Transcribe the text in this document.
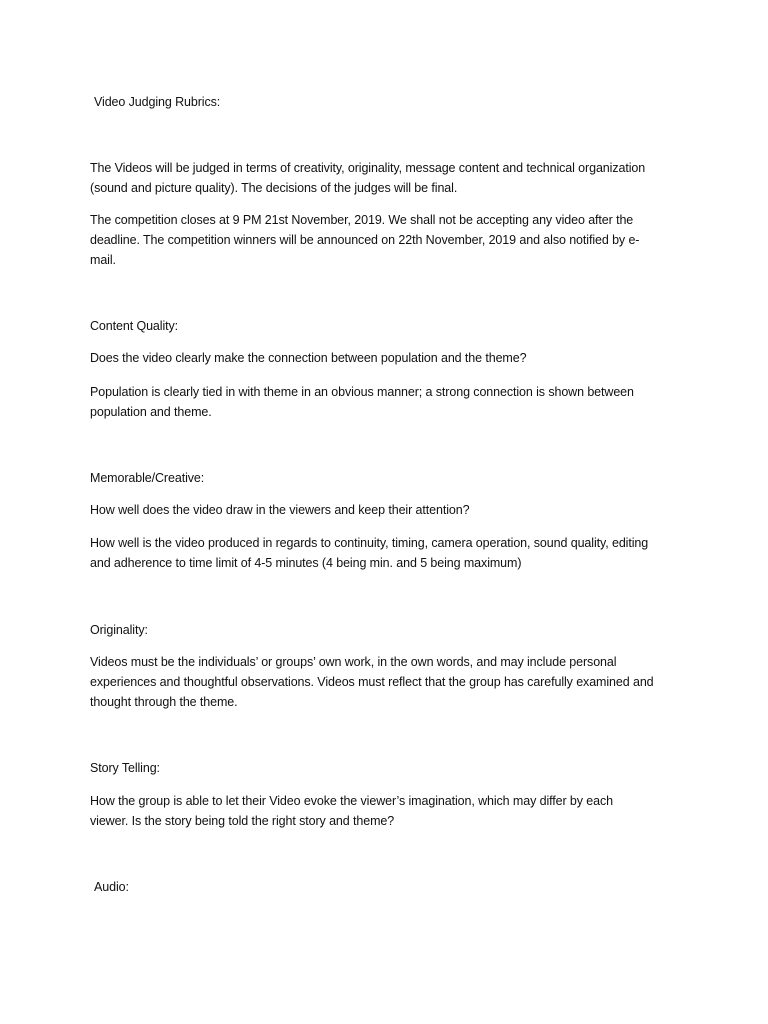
Video Judging Rubrics:
The Videos will be judged in terms of creativity, originality, message content and technical organization
(sound and picture quality). The decisions of the judges will be final.
The competition closes at 9 PM 21st November, 2019. We shall not be accepting any video after the
deadline. The competition winners will be announced on 22th November, 2019 and also notified by e-
mail.
Content Quality:
Does the video clearly make the connection between population and the theme?
Population is clearly tied in with theme in an obvious manner; a strong connection is shown between
population and theme.
Memorable/Creative:
How well does the video draw in the viewers and keep their attention?
How well is the video produced in regards to continuity, timing, camera operation, sound quality, editing
and adherence to time limit of 4-5 minutes (4 being min. and 5 being maximum)
Originality:
Videos must be the individuals’ or groups’ own work, in the own words, and may include personal
experiences and thoughtful observations. Videos must reflect that the group has carefully examined and
thought through the theme.
Story Telling:
How the group is able to let their Video evoke the viewer’s imagination, which may differ by each
viewer. Is the story being told the right story and theme?
Audio:
